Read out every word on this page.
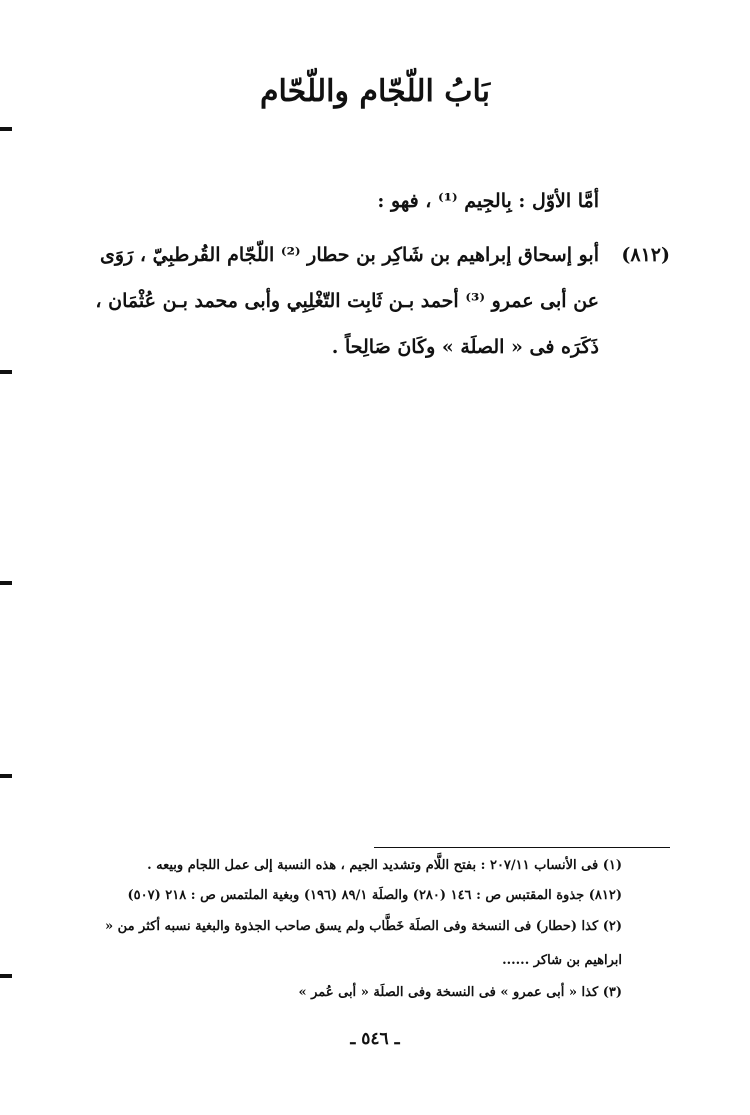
بَابُ اللّجّام واللّحّام
أمَّا الأوّل : بِالجِيم ⁽¹⁾ ، فهو :
(٨١٢)
أبو إسحاق إبراهيم بن شَاكِر بن حطار ⁽²⁾ اللّجّام القُرطبِيّ ، رَوَى
عن أبى عمرو ⁽³⁾ أحمد بـن ثَابِت التّغْلِبِي وأبى محمد بـن عُثْمَان ،
ذَكَرَه فى « الصلَة » وكَانَ صَالِحاً .
(١) فى الأنساب ٢٠٧/١١ : بفتح اللَّام وتشديد الجيم ، هذه النسبة إلى عمل اللجام وبيعه .
(٨١٢) جذوة المقتبس ص : ١٤٦ (٢٨٠) والصلَة ٨٩/١ (١٩٦) وبغية الملتمس ص : ٢١٨ (٥٠٧)
(٢) كذا (حطار) فى النسخة وفى الصلَة خَطَّاب ولم يسق صاحب الجذوة والبغية نسبه أكثر من «
ابراهيم بن شاكر ......
(٣) كذا « أبى عمرو » فى النسخة وفى الصلَة « أبى عُمر »
ـ ٥٤٦ ـ
